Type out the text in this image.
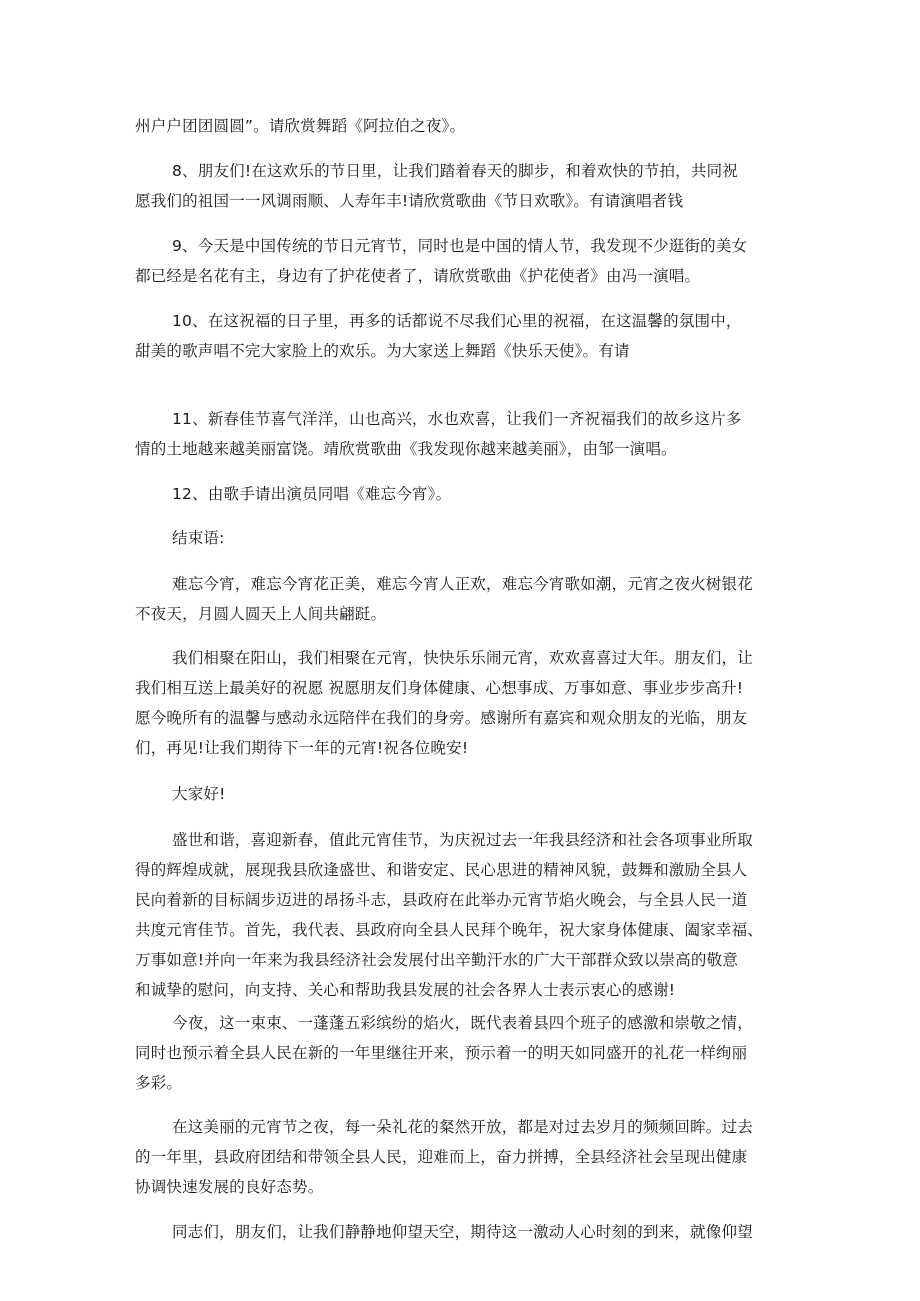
州户户团团圆圆”。请欣赏舞蹈《阿拉伯之夜》。
8、朋友们!在这欢乐的节日里，让我们踏着春天的脚步，和着欢快的节拍，共同祝
愿我们的祖国一一风调雨顺、人寿年丰!请欣赏歌曲《节日欢歌》。有请演唱者钱
9、今天是中国传统的节日元宵节，同时也是中国的情人节，我发现不少逛街的美女
都已经是名花有主，身边有了护花使者了，请欣赏歌曲《护花使者》由冯一演唱。
10、在这祝福的日子里，再多的话都说不尽我们心里的祝福，在这温馨的氛围中，
甜美的歌声唱不完大家脸上的欢乐。为大家送上舞蹈《快乐天使》。有请
11、新春佳节喜气洋洋，山也高兴，水也欢喜，让我们一齐祝福我们的故乡这片多
情的土地越来越美丽富饶。靖欣赏歌曲《我发现你越来越美丽》，由邹一演唱。
12、由歌手请出演员同唱《难忘今宵》。
结束语:
难忘今宵，难忘今宵花正美，难忘今宵人正欢，难忘今宵歌如潮，元宵之夜火树银花
不夜天，月圆人圆天上人间共翩跹。
我们相聚在阳山，我们相聚在元宵，快快乐乐闹元宵，欢欢喜喜过大年。朋友们，让
我们相互送上最美好的祝愿 祝愿朋友们身体健康、心想事成、万事如意、事业步步高升!
愿今晚所有的温馨与感动永远陪伴在我们的身旁。感谢所有嘉宾和观众朋友的光临，朋友
们，再见!让我们期待下一年的元宵!祝各位晚安!
大家好!
盛世和谐，喜迎新春，值此元宵佳节，为庆祝过去一年我县经济和社会各项事业所取
得的辉煌成就，展现我县欣逢盛世、和谐安定、民心思进的精神风貌，鼓舞和激励全县人
民向着新的目标阔步迈进的昂扬斗志，县政府在此举办元宵节焰火晚会，与全县人民一道
共度元宵佳节。首先，我代表、县政府向全县人民拜个晚年，祝大家身体健康、阖家幸福、
万事如意!并向一年来为我县经济社会发展付出辛勤汗水的广大干部群众致以崇高的敬意
和诚挚的慰问，向支持、关心和帮助我县发展的社会各界人士表示衷心的感谢!
今夜，这一束束、一蓬蓬五彩缤纷的焰火，既代表着县四个班子的感激和崇敬之情，
同时也预示着全县人民在新的一年里继往开来，预示着一的明天如同盛开的礼花一样绚丽
多彩。
在这美丽的元宵节之夜，每一朵礼花的粲然开放，都是对过去岁月的频频回眸。过去
的一年里，县政府团结和带领全县人民，迎难而上，奋力拼搏，全县经济社会呈现出健康
协调快速发展的良好态势。
同志们，朋友们，让我们静静地仰望天空，期待这一激动人心时刻的到来，就像仰望
